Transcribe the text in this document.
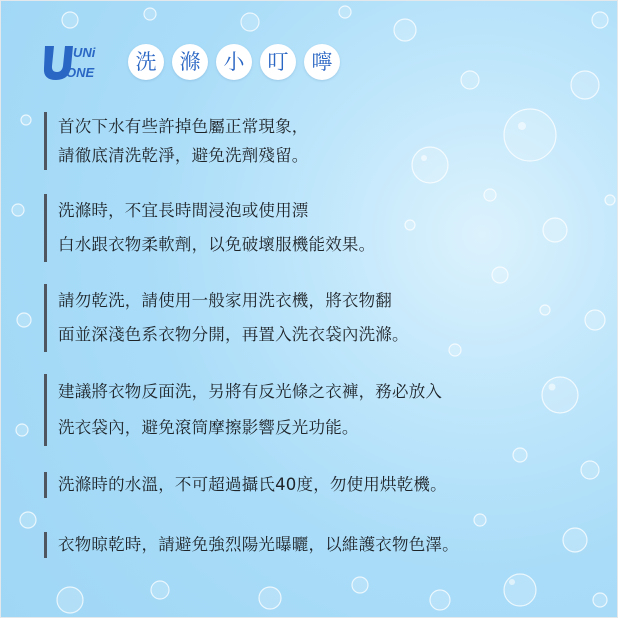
UNi
ONE	洗	滌	小	叮	嚀
首次下水有些許掉色屬正常現象，
請徹底清洗乾淨，避免洗劑殘留。
洗滌時，不宜長時間浸泡或使用漂
白水跟衣物柔軟劑，以免破壞服機能效果。
請勿乾洗，請使用一般家用洗衣機，將衣物翻
面並深淺色系衣物分開，再置入洗衣袋內洗滌。
建議將衣物反面洗，另將有反光條之衣褲，務必放入
洗衣袋內，避免滾筒摩擦影響反光功能。
洗滌時的水溫，不可超過攝氏40度，勿使用烘乾機。
衣物晾乾時，請避免強烈陽光曝曬，以維護衣物色澤。
